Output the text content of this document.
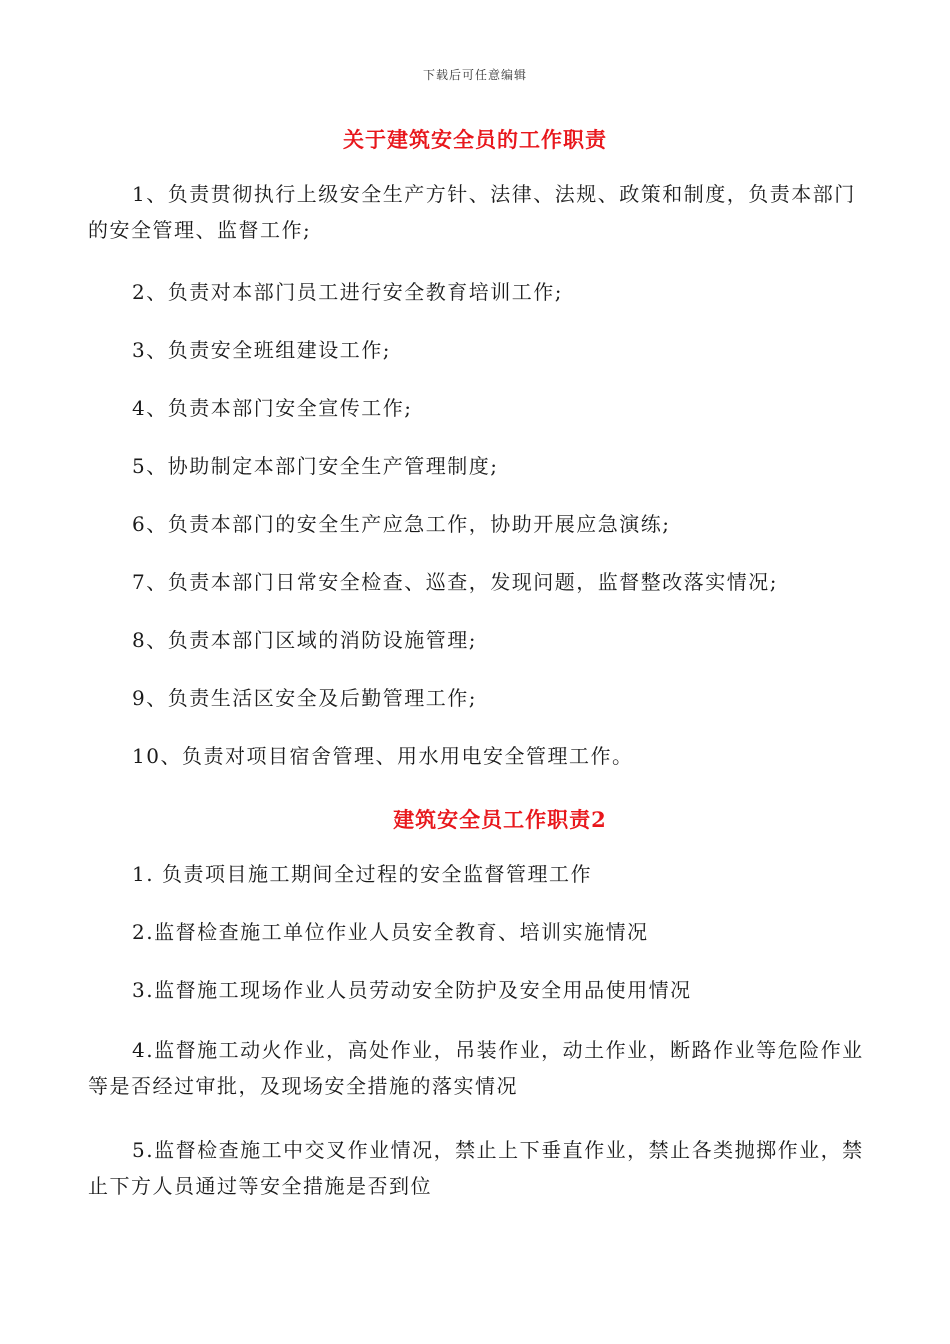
下载后可任意编辑
关于建筑安全员的工作职责
1、负责贯彻执行上级安全生产方针、法律、法规、政策和制度，负责本部门的安全管理、监督工作;
2、负责对本部门员工进行安全教育培训工作;
3、负责安全班组建设工作;
4、负责本部门安全宣传工作;
5、协助制定本部门安全生产管理制度;
6、负责本部门的安全生产应急工作，协助开展应急演练;
7、负责本部门日常安全检查、巡查，发现问题，监督整改落实情况;
8、负责本部门区域的消防设施管理;
9、负责生活区安全及后勤管理工作;
10、负责对项目宿舍管理、用水用电安全管理工作。
建筑安全员工作职责2
1. 负责项目施工期间全过程的安全监督管理工作
2.监督检查施工单位作业人员安全教育、培训实施情况
3.监督施工现场作业人员劳动安全防护及安全用品使用情况
4.监督施工动火作业，高处作业，吊装作业，动土作业，断路作业等危险作业等是否经过审批，及现场安全措施的落实情况
5.监督检查施工中交叉作业情况，禁止上下垂直作业，禁止各类抛掷作业，禁止下方人员通过等安全措施是否到位
